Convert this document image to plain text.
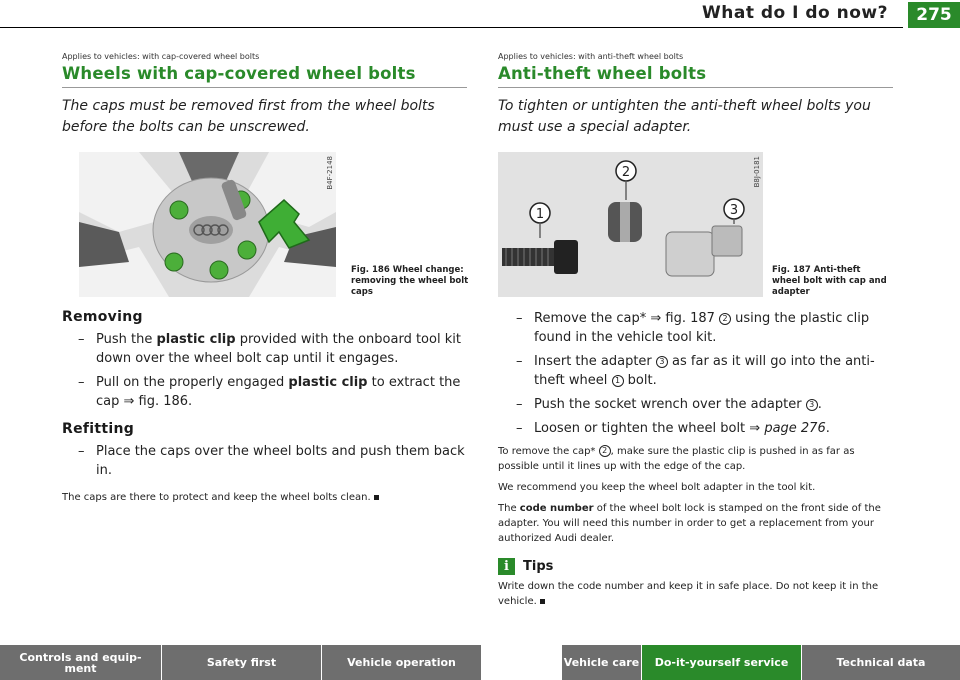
What do I do now?	275
Applies to vehicles: with cap-covered wheel bolts
Wheels with cap-covered wheel bolts
The caps must be removed first from the wheel bolts before the bolts can be unscrewed.
B4F-2148
Fig. 186 Wheel change: removing the wheel bolt caps
Removing
– Push the plastic clip provided with the onboard tool kit down over the wheel bolt cap until it engages.
– Pull on the properly engaged plastic clip to extract the cap ⇒ fig. 186.
Refitting
– Place the caps over the wheel bolts and push them back in.
The caps are there to protect and keep the wheel bolts clean.
Applies to vehicles: with anti-theft wheel bolts
Anti-theft wheel bolts
To tighten or untighten the anti-theft wheel bolts you must use a special adapter.
1
2
3
B8J-0181
Fig. 187 Anti-theft wheel bolt with cap and adapter
– Remove the cap* ⇒ fig. 187 2 using the plastic clip found in the vehicle tool kit.
– Insert the adapter 3 as far as it will go into the anti-theft wheel 1 bolt.
– Push the socket wrench over the adapter 3 .
– Loosen or tighten the wheel bolt ⇒ page 276.
To remove the cap* 2 , make sure the plastic clip is pushed in as far as possible until it lines up with the edge of the cap.
We recommend you keep the wheel bolt adapter in the tool kit.
The code number of the wheel bolt lock is stamped on the front side of the adapter. You will need this number in order to get a replacement from your authorized Audi dealer.
i	Tips
Write down the code number and keep it in safe place. Do not keep it in the vehicle.
Controls and equip-
ment	Safety first	Vehicle operation	Vehicle care	Do-it-yourself service	Technical data
